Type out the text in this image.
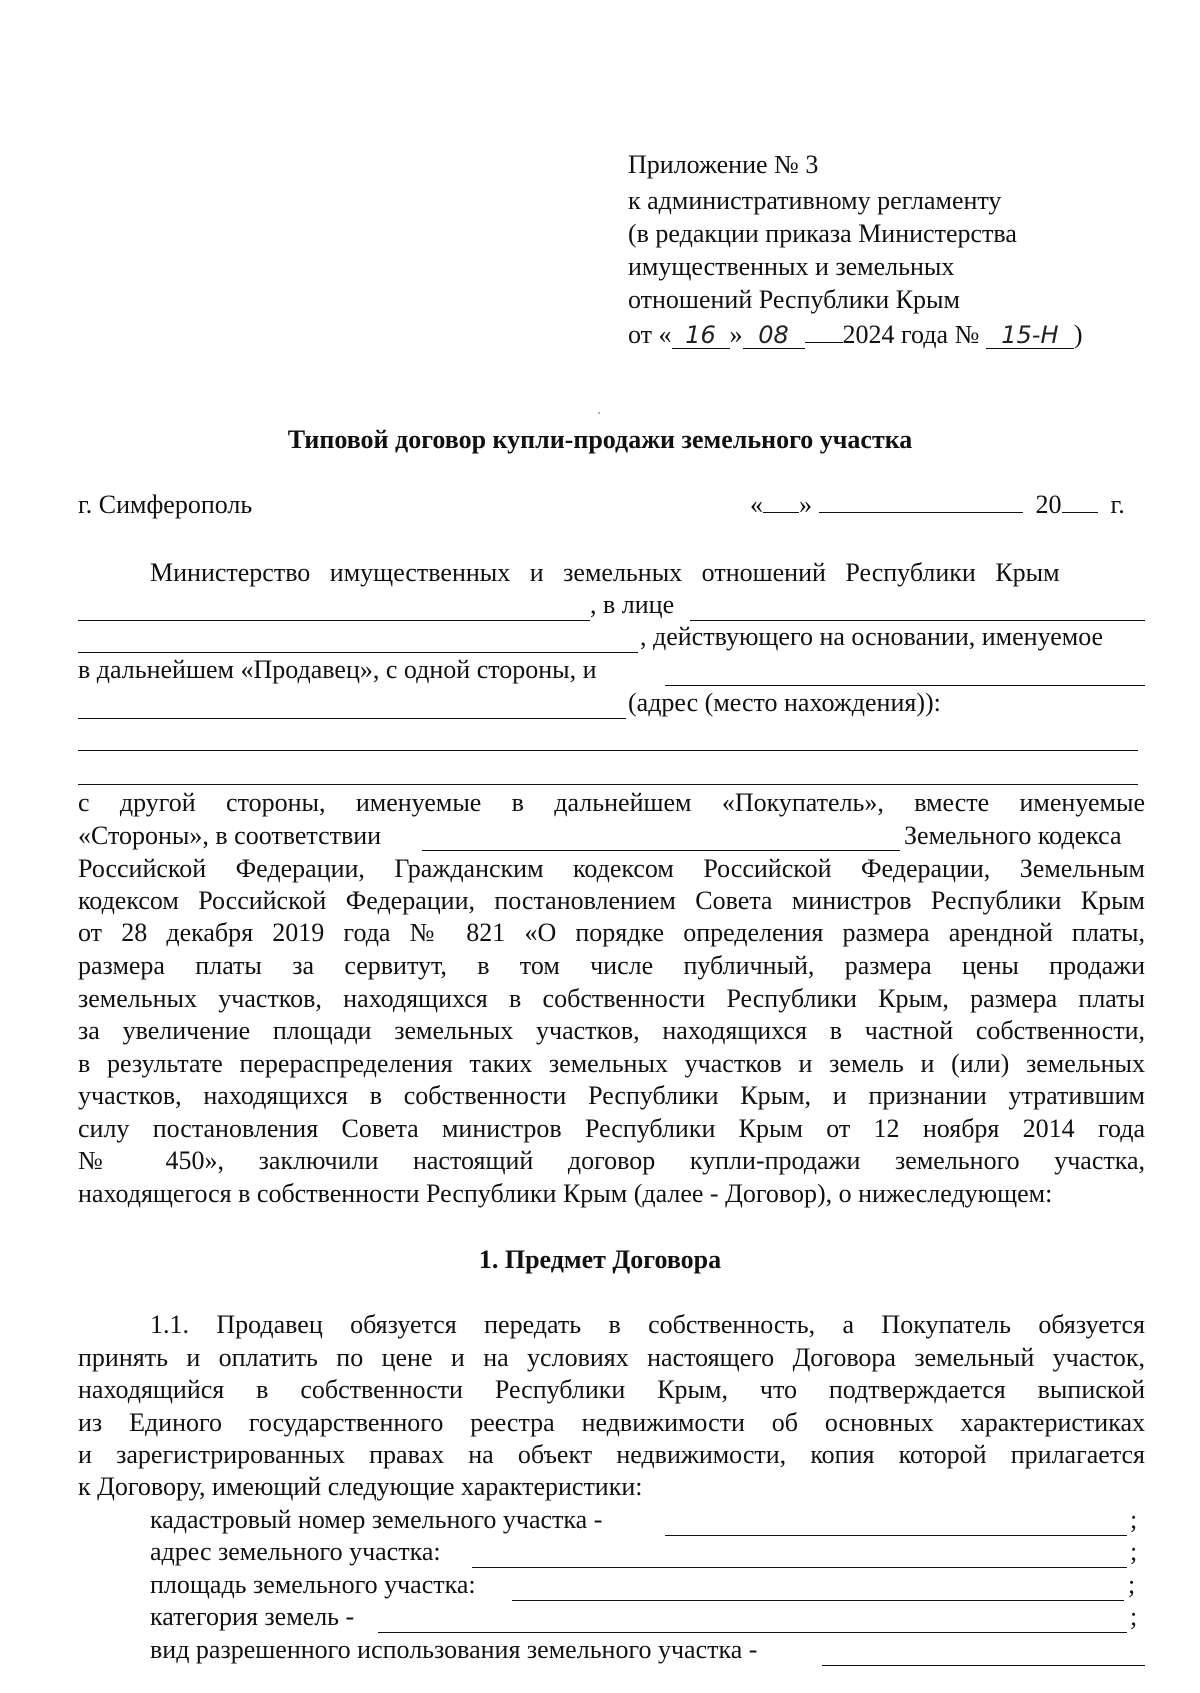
Приложение № 3
к административному регламенту
(в редакции приказа Министерства
имущественных и земельных
отношений Республики Крым
от « 16 » 08 2024 года № 15-Н )
Типовой договор купли-продажи земельного участка
г. Симферополь	« »	20 г.
Министерство   имущественных   и   земельных   отношений   Республики   Крым
, в лице
, действующего на основании, именуемое
в дальнейшем «Продавец», с одной стороны, и
(адрес (место нахождения)):
с другой стороны, именуемые в дальнейшем «Покупатель», вместе именуемые
«Стороны», в соответствии	Земельного кодекса
Российской Федерации, Гражданским кодексом Российской Федерации, Земельным
кодексом Российской Федерации, постановлением Совета министров Республики Крым
от 28 декабря 2019 года № 821 «О порядке определения размера арендной платы,
размера платы за сервитут, в том числе публичный, размера цены продажи
земельных участков, находящихся в собственности Республики Крым, размера платы
за увеличение площади земельных участков, находящихся в частной собственности,
в результате перераспределения таких земельных участков и земель и (или) земельных
участков, находящихся в собственности Республики Крым, и признании утратившим
силу постановления Совета министров Республики Крым от 12 ноября 2014 года
№ 450», заключили настоящий договор купли-продажи земельного участка,
находящегося в собственности Республики Крым (далее - Договор), о нижеследующем:
1. Предмет Договора
1.1. Продавец обязуется передать в собственность, а Покупатель обязуется
принять и оплатить по цене и на условиях настоящего Договора земельный участок,
находящийся в собственности Республики Крым, что подтверждается выпиской
из Единого государственного реестра недвижимости об основных характеристиках
и зарегистрированных правах на объект недвижимости, копия которой прилагается
к Договору, имеющий следующие характеристики:
кадастровый номер земельного участка -	;
адрес земельного участка:	;
площадь земельного участка:	;
категория земель -	;
вид разрешенного использования земельного участка -
